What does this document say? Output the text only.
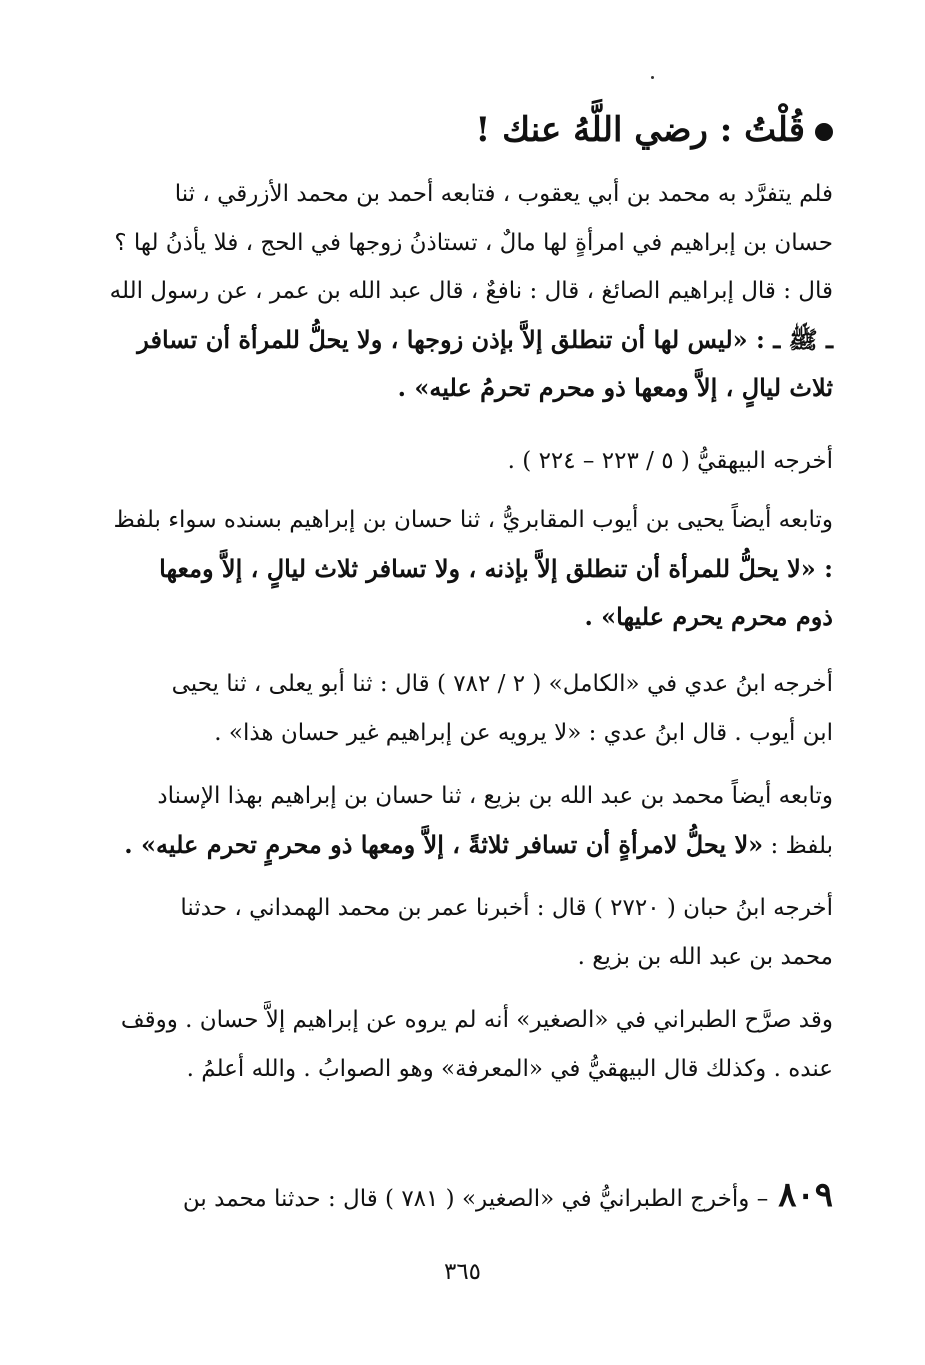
قُلْتُ : رضي اللَّهُ عنك !
فلم يتفرَّد به محمد بن أبي يعقوب ، فتابعه أحمد بن محمد الأزرقي ، ثنا
حسان بن إبراهيم في امرأةٍ لها مالٌ ، تستاذنُ زوجها في الحج ، فلا يأذنُ لها ؟
قال : قال إبراهيم الصائغ ، قال : نافعٌ ، قال عبد الله بن عمر ، عن رسول الله
ـ ﷺ ـ : «ليس لها أن تنطلق إلاَّ بإذن زوجها ، ولا يحلُّ للمرأة أن تسافر
ثلاث ليالٍ ، إلاَّ ومعها ذو محرم تحرمُ عليه» .
أخرجه البيهقيُّ ( ٥ / ٢٢٣ – ٢٢٤ ) .
وتابعه أيضاً يحيى بن أيوب المقابريُّ ، ثنا حسان بن إبراهيم بسنده سواء بلفظ
: «لا يحلُّ للمرأة أن تنطلق إلاَّ بإذنه ، ولا تسافر ثلاث ليالٍ ، إلاَّ ومعها
ذوم محرم يحرم عليها» .
أخرجه ابنُ عدي في «الكامل» ( ٢ / ٧٨٢ ) قال : ثنا أبو يعلى ، ثنا يحيى
ابن أيوب . قال ابنُ عدي : «لا يرويه عن إبراهيم غير حسان هذا» .
وتابعه أيضاً محمد بن عبد الله بن بزيع ، ثنا حسان بن إبراهيم بهذا الإسناد
بلفظ : «لا يحلُّ لامرأةٍ أن تسافر ثلاثةً ، إلاَّ ومعها ذو محرمٍ تحرم عليه» .
أخرجه ابنُ حبان ( ٢٧٢٠ ) قال : أخبرنا عمر بن محمد الهمداني ، حدثنا
محمد بن عبد الله بن بزيع .
وقد صرَّح الطبراني في «الصغير» أنه لم يروه عن إبراهيم إلاَّ حسان . ووقف
عنده . وكذلك قال البيهقيُّ في «المعرفة» وهو الصوابُ . والله أعلمُ .
٨٠٩– وأخرج الطبرانيُّ في «الصغير» ( ٧٨١ ) قال : حدثنا محمد بن
٣٦٥
